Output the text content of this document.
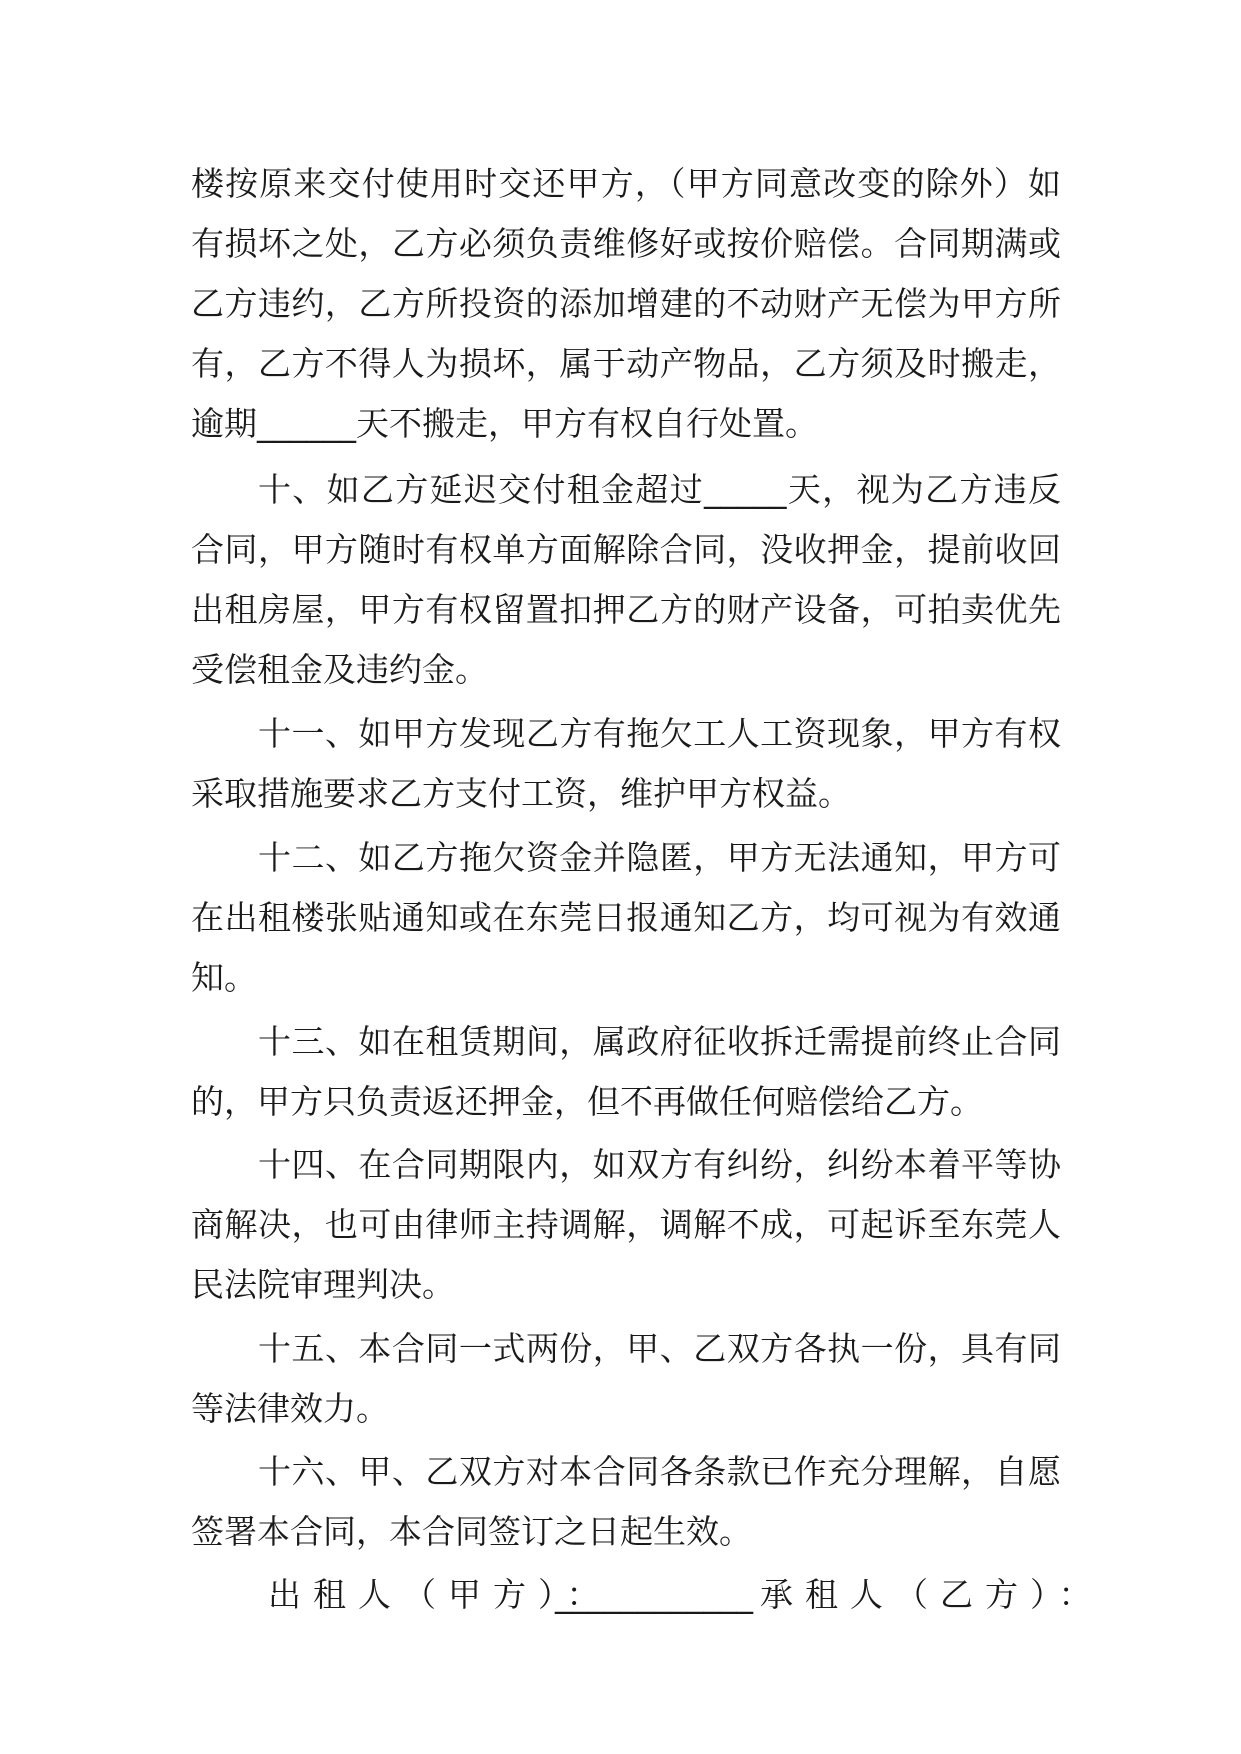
楼按原来交付使用时交还甲方，（甲方同意改变的除外）如
有损坏之处，乙方必须负责维修好或按价赔偿。合同期满或
乙方违约，乙方所投资的添加增建的不动财产无偿为甲方所
有，乙方不得人为损坏，属于动产物品，乙方须及时搬走，
逾期______天不搬走，甲方有权自行处置。
十、如乙方延迟交付租金超过_____天，视为乙方违反
合同，甲方随时有权单方面解除合同，没收押金，提前收回
出租房屋，甲方有权留置扣押乙方的财产设备，可拍卖优先
受偿租金及违约金。
十一、如甲方发现乙方有拖欠工人工资现象，甲方有权
采取措施要求乙方支付工资，维护甲方权益。
十二、如乙方拖欠资金并隐匿，甲方无法通知，甲方可
在出租楼张贴通知或在东莞日报通知乙方，均可视为有效通
知。
十三、如在租赁期间，属政府征收拆迁需提前终止合同
的，甲方只负责返还押金，但不再做任何赔偿给乙方。
十四、在合同期限内，如双方有纠纷，纠纷本着平等协
商解决，也可由律师主持调解，调解不成，可起诉至东莞人
民法院审理判决。
十五、本合同一式两份，甲、乙双方各执一份，具有同
等法律效力。
十六、甲、乙双方对本合同各条款已作充分理解，自愿
签署本合同，本合同签订之日起生效。
出租人（甲方）：
____________ 承租人（乙方）：
